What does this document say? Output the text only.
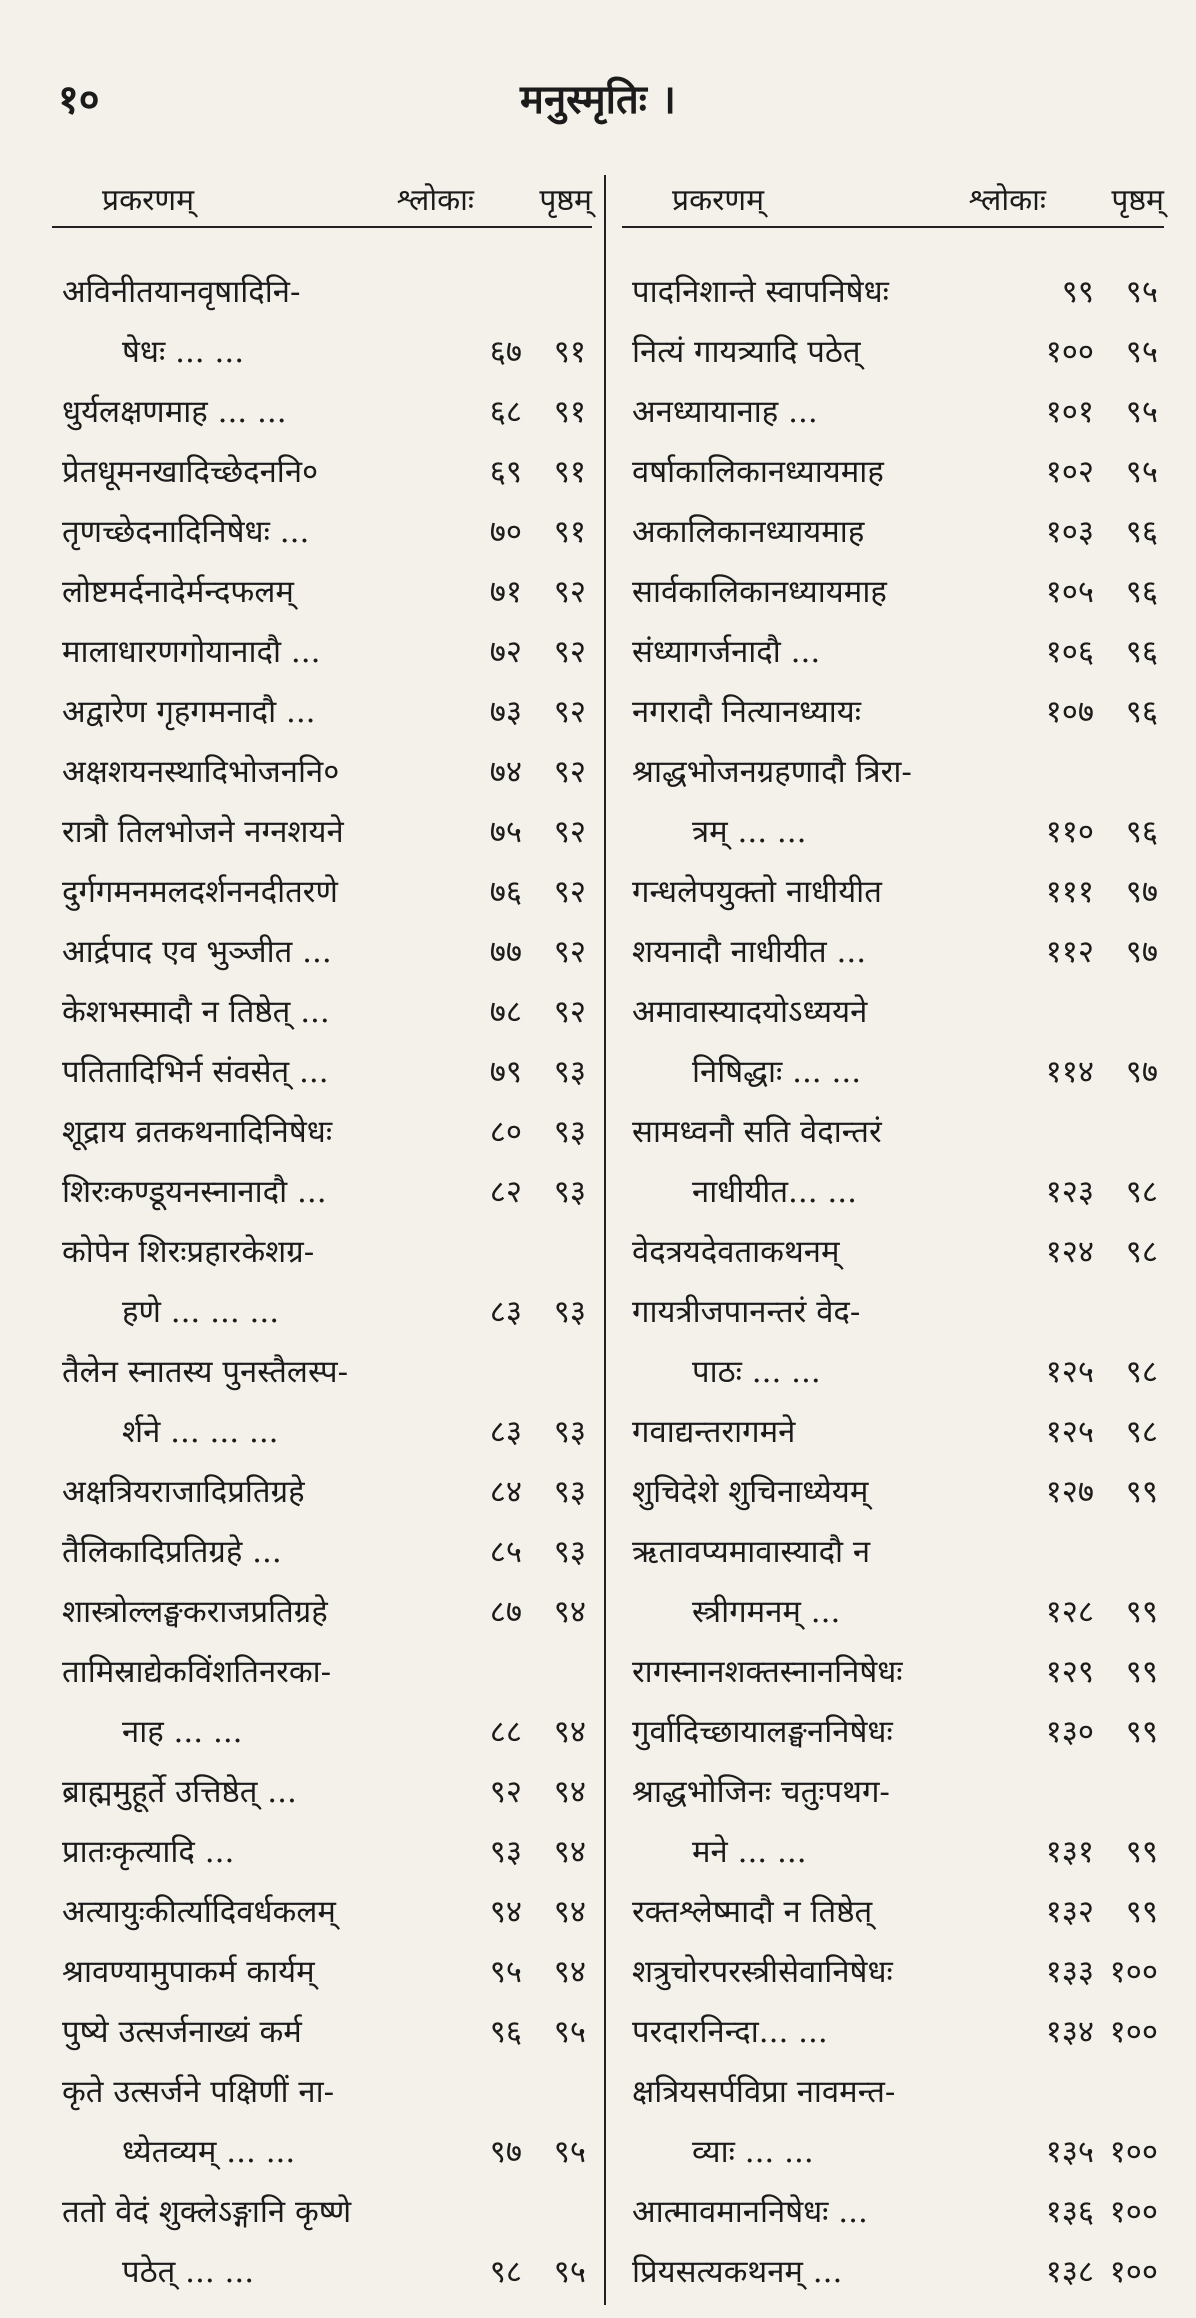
१०	मनुस्मृतिः ।
प्रकरणम्	श्लोकाः पृष्ठम्
अविनीतयानवृषादिनि-
षेधः ... ...	६७ ९१
धुर्यलक्षणमाह ... ...	६८ ९१
प्रेतधूमनखादिच्छेदननि०	६९ ९१
तृणच्छेदनादिनिषेधः ...	७० ९१
लोष्टमर्दनादेर्मन्दफलम्	७१ ९२
मालाधारणगोयानादौ ...	७२ ९२
अद्वारेण गृहगमनादौ ...	७३ ९२
अक्षशयनस्थादिभोजननि०	७४ ९२
रात्रौ तिलभोजने नग्नशयने	७५ ९२
दुर्गगमनमलदर्शननदीतरणे	७६ ९२
आर्द्रपाद एव भुञ्जीत ...	७७ ९२
केशभस्मादौ न तिष्ठेत् ...	७८ ९२
पतितादिभिर्न संवसेत् ...	७९ ९३
शूद्राय व्रतकथनादिनिषेधः	८० ९३
शिरःकण्डूयनस्नानादौ ...	८२ ९३
कोपेन शिरःप्रहारकेशग्र-
हणे ... ... ...	८३ ९३
तैलेन स्नातस्य पुनस्तैलस्प-
र्शने ... ... ...	८३ ९३
अक्षत्रियराजादिप्रतिग्रहे	८४ ९३
तैलिकादिप्रतिग्रहे ...	८५ ९३
शास्त्रोल्लङ्घकराजप्रतिग्रहे	८७ ९४
तामिस्राद्येकविंशतिनरका-
नाह ... ...	८८ ९४
ब्राह्ममुहूर्ते उत्तिष्ठेत् ...	९२ ९४
प्रातःकृत्यादि ...	९३ ९४
अत्यायुःकीर्त्यादिवर्धकलम्	९४ ९४
श्रावण्यामुपाकर्म कार्यम्	९५ ९४
पुष्ये उत्सर्जनाख्यं कर्म	९६ ९५
कृते उत्सर्जने पक्षिणीं ना-
ध्येतव्यम् ... ...	९७ ९५
ततो वेदं शुक्लेऽङ्गानि कृष्णे
पठेत् ... ...	९८ ९५
प्रकरणम्	श्लोकाः पृष्ठम्
पादनिशान्ते स्वापनिषेधः	९९ ९५
नित्यं गायत्र्यादि पठेत्	१०० ९५
अनध्यायानाह ...	१०१ ९५
वर्षाकालिकानध्यायमाह	१०२ ९५
अकालिकानध्यायमाह	१०३ ९६
सार्वकालिकानध्यायमाह	१०५ ९६
संध्यागर्जनादौ ...	१०६ ९६
नगरादौ नित्यानध्यायः	१०७ ९६
श्राद्धभोजनग्रहणादौ त्रिरा-
त्रम् ... ...	११० ९६
गन्धलेपयुक्तो नाधीयीत	१११ ९७
शयनादौ नाधीयीत ...	११२ ९७
अमावास्यादयोऽध्ययने
निषिद्धाः ... ...	११४ ९७
सामध्वनौ सति वेदान्तरं
नाधीयीत... ...	१२३ ९८
वेदत्रयदेवताकथनम्	१२४ ९८
गायत्रीजपानन्तरं वेद-
पाठः ... ...	१२५ ९८
गवाद्यन्तरागमने	१२५ ९८
शुचिदेशे शुचिनाध्येयम्	१२७ ९९
ऋतावप्यमावास्यादौ न
स्त्रीगमनम् ...	१२८ ९९
रागस्नानशक्तस्नाननिषेधः	१२९ ९९
गुर्वादिच्छायालङ्घननिषेधः	१३० ९९
श्राद्धभोजिनः चतुःपथग-
मने ... ...	१३१ ९९
रक्तश्लेष्मादौ न तिष्ठेत्	१३२ ९९
शत्रुचोरपरस्त्रीसेवानिषेधः	१३३ १००
परदारनिन्दा... ...	१३४ १००
क्षत्रियसर्पविप्रा नावमन्त-
व्याः ... ...	१३५ १००
आत्मावमाननिषेधः ...	१३६ १००
प्रियसत्यकथनम् ...	१३८ १००
